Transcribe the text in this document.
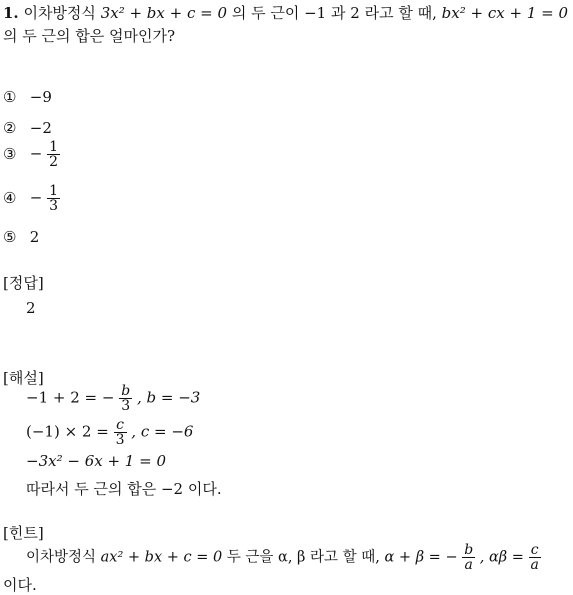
1. 이차방정식 3x² + bx + c = 0 의 두 근이 −1 과 2 라고 할 때, bx² + cx + 1 = 0
의 두 근의 합은 얼마인가?
① −9
② −2
③ − $\frac{1}{2}$
④ − $\frac{1}{3}$
⑤ 2
[정답]
2
[해설]
−1 + 2 = − $\frac{b}{3}$ , b = −3
$(-1) \times 2 = \frac{c}{3}$ , c = −6
−3x² − 6x + 1 = 0
따라서 두 근의 합은 −2 이다.
[힌트]
이차방정식 ax² + bx + c = 0 두 근을 α, β 라고 할 때, α + β = − $\frac{b}{a}$ , $\alpha\beta = \frac{c}{a}$
이다.
